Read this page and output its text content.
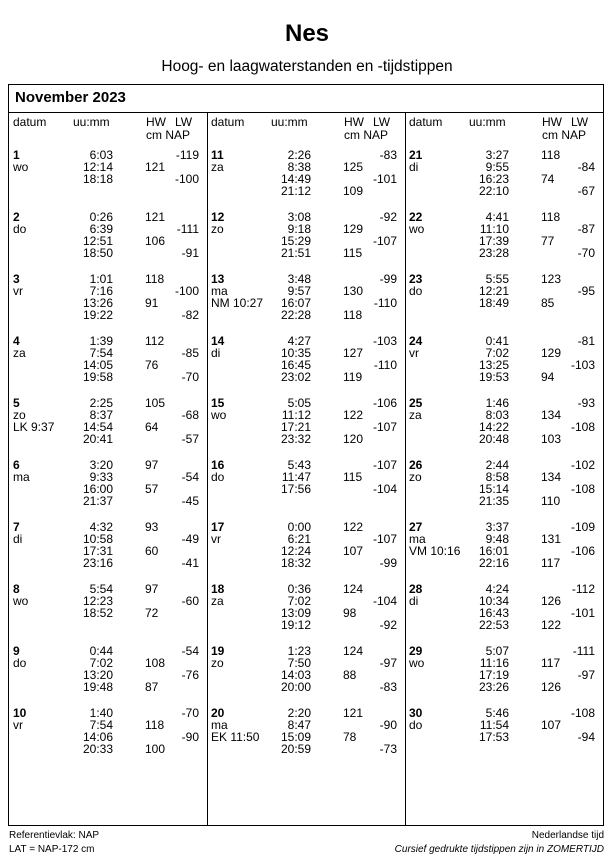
Nes
Hoog- en laagwaterstanden en -tijdstippen
November 2023
datum uu:mm	HW LW
cm NAP
1
wo
6:03	-119
12:14	121
18:18	-100
2
do
0:26	121
6:39	-111
12:51	106
18:50	-91
3
vr
1:01	118
7:16	-100
13:26	91
19:22	-82
4
za
1:39	112
7:54	-85
14:05	76
19:58	-70
5
zo
LK 9:37
2:25	105
8:37	-68
14:54	64
20:41	-57
6
ma
3:20	97
9:33	-54
16:00	57
21:37	-45
7
di
4:32	93
10:58	-49
17:31	60
23:16	-41
8
wo
5:54	97
12:23	-60
18:52	72
9
do
0:44	-54
7:02	108
13:20	-76
19:48	87
10
vr
1:40	-70
7:54	118
14:06	-90
20:33	100
datum uu:mm	HW LW
cm NAP
11
za
2:26	-83
8:38	125
14:49	-101
21:12	109
12
zo
3:08	-92
9:18	129
15:29	-107
21:51	115
13
ma
NM 10:27
3:48	-99
9:57	130
16:07	-110
22:28	118
14
di
4:27	-103
10:35	127
16:45	-110
23:02	119
15
wo
5:05	-106
11:12	122
17:21	-107
23:32	120
16
do
5:43	-107
11:47	115
17:56	-104
17
vr
0:00	122
6:21	-107
12:24	107
18:32	-99
18
za
0:36	124
7:02	-104
13:09	98
19:12	-92
19
zo
1:23	124
7:50	-97
14:03	88
20:00	-83
20
ma
EK 11:50
2:20	121
8:47	-90
15:09	78
20:59	-73
datum uu:mm	HW LW
cm NAP
21
di
3:27	118
9:55	-84
16:23	74
22:10	-67
22
wo
4:41	118
11:10	-87
17:39	77
23:28	-70
23
do
5:55	123
12:21	-95
18:49	85
24
vr
0:41	-81
7:02	129
13:25	-103
19:53	94
25
za
1:46	-93
8:03	134
14:22	-108
20:48	103
26
zo
2:44	-102
8:58	134
15:14	-108
21:35	110
27
ma
VM 10:16
3:37	-109
9:48	131
16:01	-106
22:16	117
28
di
4:24	-112
10:34	126
16:43	-101
22:53	122
29
wo
5:07	-111
11:16	117
17:19	-97
23:26	126
30
do
5:46	-108
11:54	107
17:53	-94
Referentievlak: NAP
LAT = NAP-172 cm
Nederlandse tijd
Cursief gedrukte tijdstippen zijn in ZOMERTIJD
